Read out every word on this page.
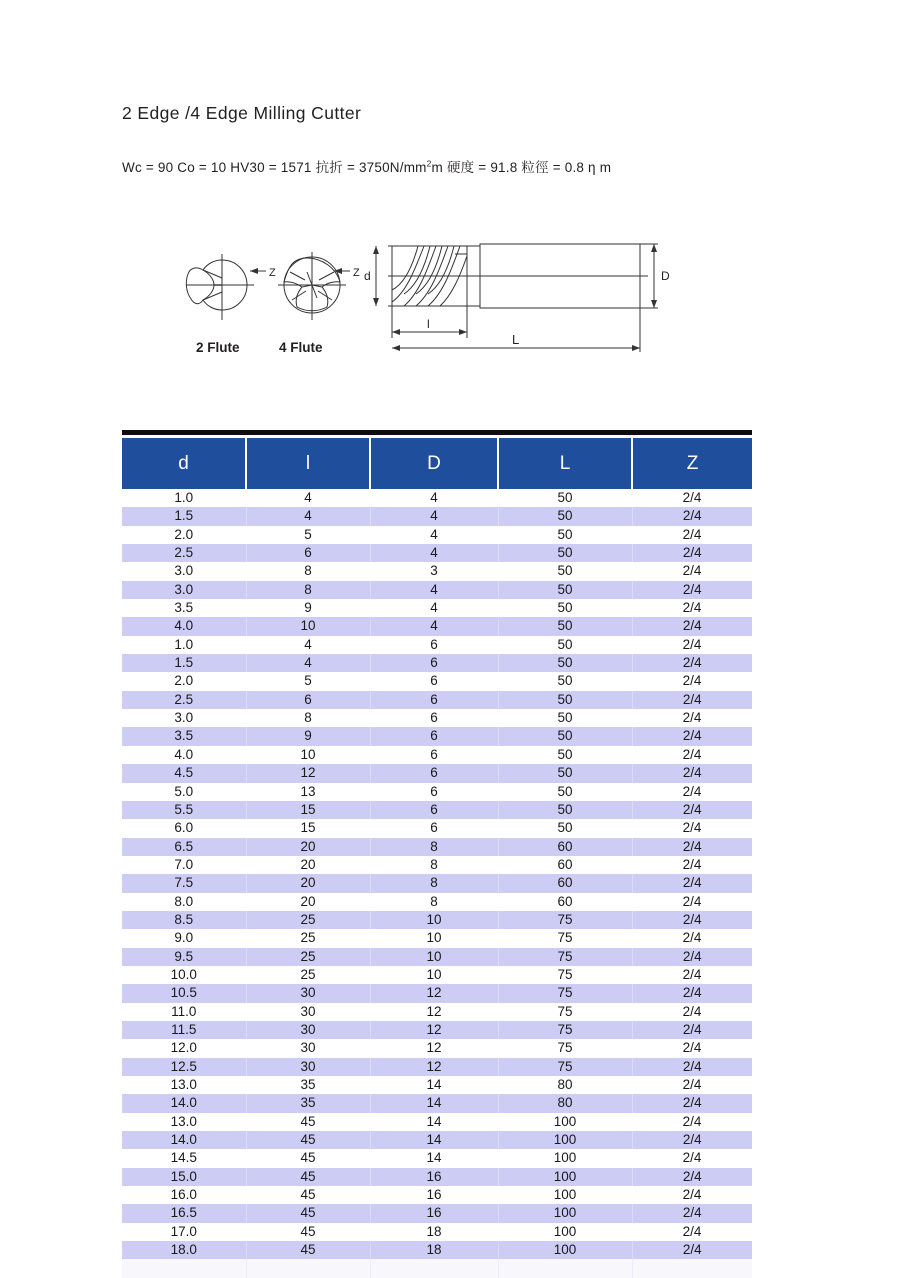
2 Edge /4 Edge Milling Cutter
Wc = 90 Co = 10 HV30 = 1571 抗折 = $3750N/mm^2m$ 硬度 = 91.8 粒徑 = 0.8 η m
Z	Z d	D
l
L
2 Flute	4 Flute
d	l	D	L	Z
1.0	4	4	50	2/4
1.5	4	4	50	2/4
2.0	5	4	50	2/4
2.5	6	4	50	2/4
3.0	8	3	50	2/4
3.0	8	4	50	2/4
3.5	9	4	50	2/4
4.0	10	4	50	2/4
1.0	4	6	50	2/4
1.5	4	6	50	2/4
2.0	5	6	50	2/4
2.5	6	6	50	2/4
3.0	8	6	50	2/4
3.5	9	6	50	2/4
4.0	10	6	50	2/4
4.5	12	6	50	2/4
5.0	13	6	50	2/4
5.5	15	6	50	2/4
6.0	15	6	50	2/4
6.5	20	8	60	2/4
7.0	20	8	60	2/4
7.5	20	8	60	2/4
8.0	20	8	60	2/4
8.5	25	10	75	2/4
9.0	25	10	75	2/4
9.5	25	10	75	2/4
10.0	25	10	75	2/4
10.5	30	12	75	2/4
11.0	30	12	75	2/4
11.5	30	12	75	2/4
12.0	30	12	75	2/4
12.5	30	12	75	2/4
13.0	35	14	80	2/4
14.0	35	14	80	2/4
13.0	45	14	100	2/4
14.0	45	14	100	2/4
14.5	45	14	100	2/4
15.0	45	16	100	2/4
16.0	45	16	100	2/4
16.5	45	16	100	2/4
17.0	45	18	100	2/4
18.0	45	18	100	2/4
